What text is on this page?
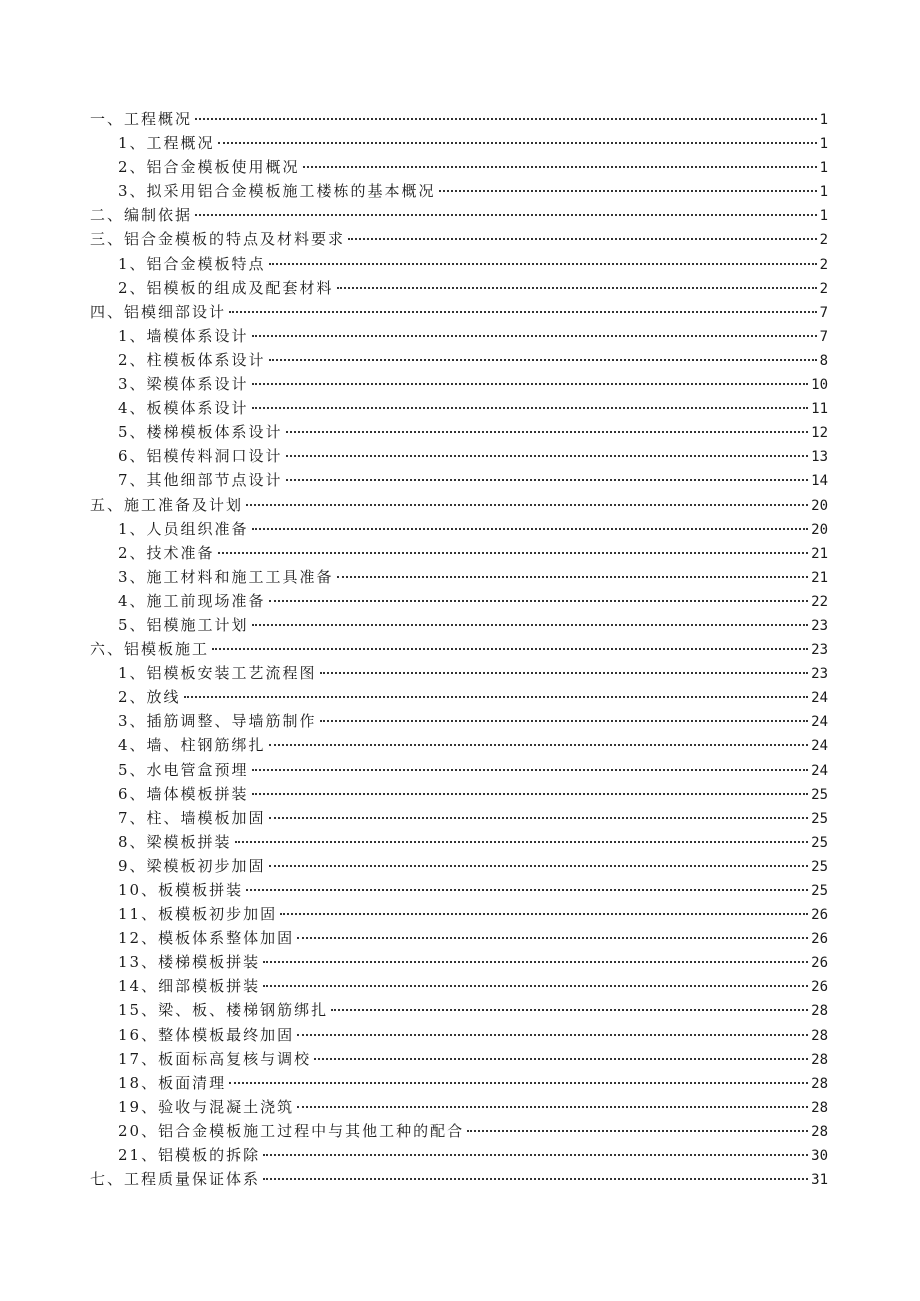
一、工程概况	1
1、工程概况	1
2、铝合金模板使用概况	1
3、拟采用铝合金模板施工楼栋的基本概况	1
二、编制依据	1
三、铝合金模板的特点及材料要求	2
1、铝合金模板特点	2
2、铝模板的组成及配套材料	2
四、铝模细部设计	7
1、墙模体系设计	7
2、柱模板体系设计	8
3、梁模体系设计	10
4、板模体系设计	11
5、楼梯模板体系设计	12
6、铝模传料洞口设计	13
7、其他细部节点设计	14
五、施工准备及计划	20
1、人员组织准备	20
2、技术准备	21
3、施工材料和施工工具准备	21
4、施工前现场准备	22
5、铝模施工计划	23
六、铝模板施工	23
1、铝模板安装工艺流程图	23
2、放线	24
3、插筋调整、导墙筋制作	24
4、墙、柱钢筋绑扎	24
5、水电管盒预埋	24
6、墙体模板拼装	25
7、柱、墙模板加固	25
8、梁模板拼装	25
9、梁模板初步加固	25
10、板模板拼装	25
11、板模板初步加固	26
12、模板体系整体加固	26
13、楼梯模板拼装	26
14、细部模板拼装	26
15、梁、板、楼梯钢筋绑扎	28
16、整体模板最终加固	28
17、板面标高复核与调校	28
18、板面清理	28
19、验收与混凝土浇筑	28
20、铝合金模板施工过程中与其他工种的配合	28
21、铝模板的拆除	30
七、工程质量保证体系	31
